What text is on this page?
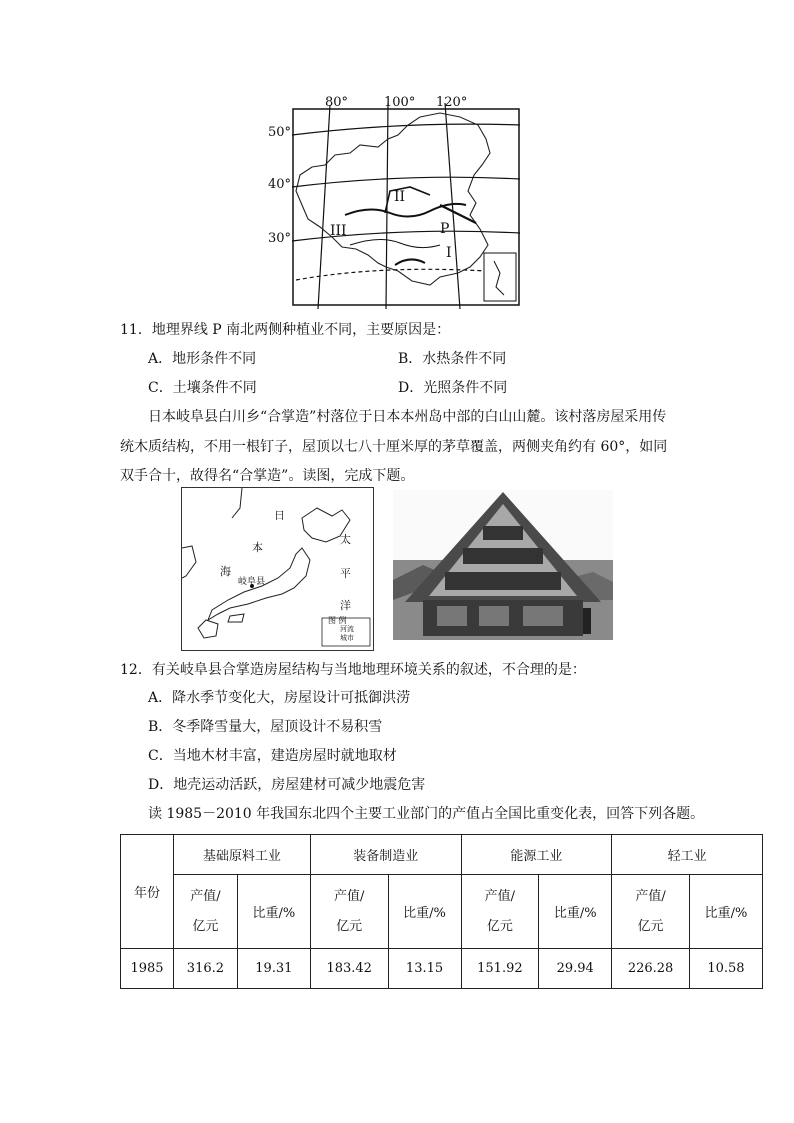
80°	100° 120°
50°
40°
30°
II
III	P
I
11．地理界线 P 南北两侧种植业不同，主要原因是：
A．地形条件不同	B．水热条件不同
C．土壤条件不同	D．光照条件不同
日本岐阜县白川乡“合掌造”村落位于日本本州岛中部的白山山麓。该村落房屋采用传
统木质结构，不用一根钉子，屋顶以七八十厘米厚的茅草覆盖，两侧夹角约有 60°，如同
双手合十，故得名“合掌造”。读图，完成下题。
日
本
海
太
平
洋
岐阜县
图 例
河流
城市
12．有关岐阜县合掌造房屋结构与当地地理环境关系的叙述，不合理的是：
A．降水季节变化大，房屋设计可抵御洪涝
B．冬季降雪量大，屋顶设计不易积雪
C．当地木材丰富，建造房屋时就地取材
D．地壳运动活跃，房屋建材可减少地震危害
读 1985－2010 年我国东北四个主要工业部门的产值占全国比重变化表，回答下列各题。
年份	基础原料工业		装备制造业		能源工业		轻工业	
	产值/
亿元	比重/%	产值/
亿元	比重/%	产值/
亿元	比重/%	产值/
亿元	比重/%
1985	316.2	19.31	183.42	13.15	151.92	29.94	226.28	10.58
